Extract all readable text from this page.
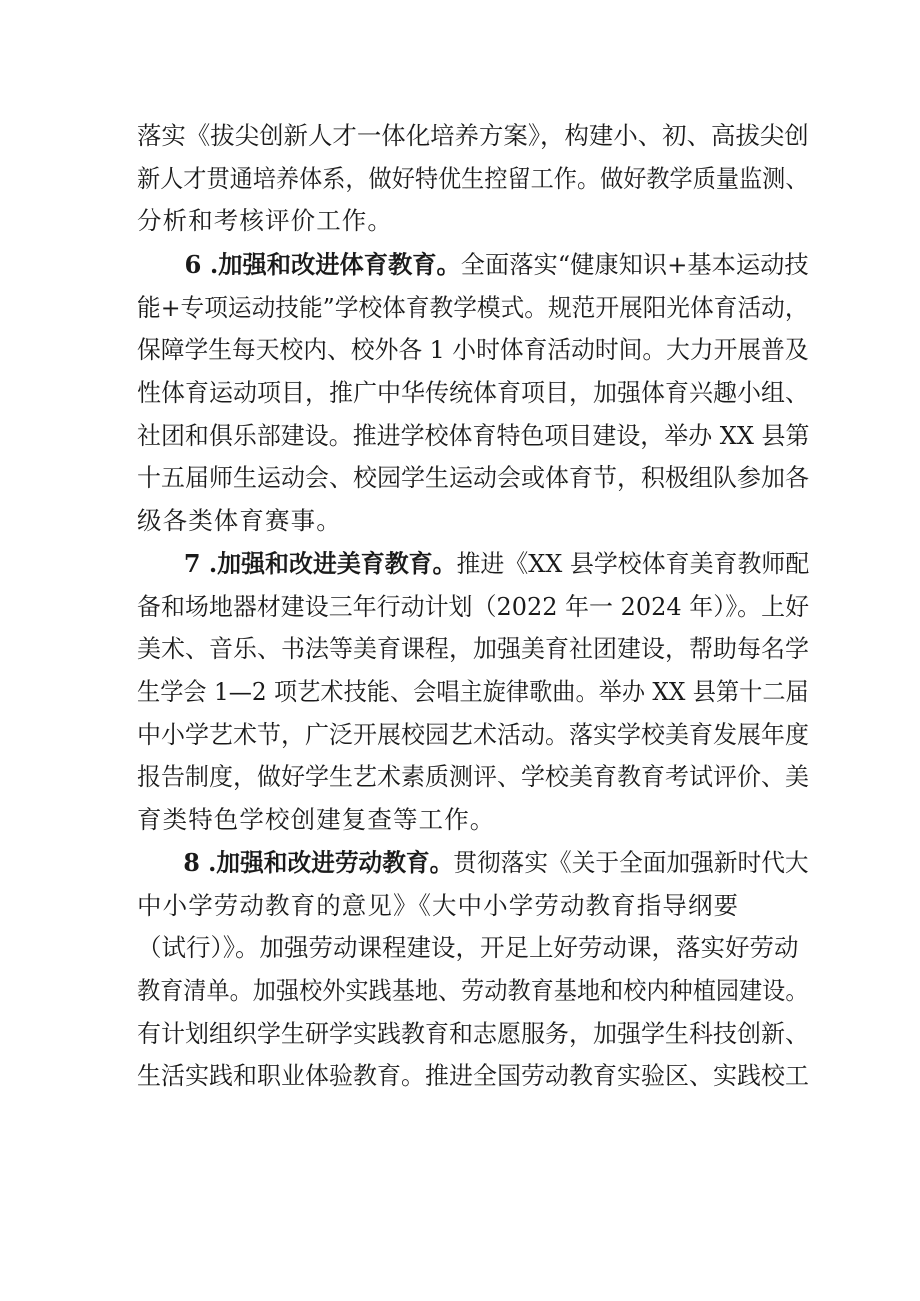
落实《拔尖创新人才一体化培养方案》，构建小、初、高拔尖创
新人才贯通培养体系，做好特优生控留工作。做好教学质量监测、
分析和考核评价工作。
6 .加强和改进体育教育。全面落实“健康知识+基本运动技
能+专项运动技能”学校体育教学模式。规范开展阳光体育活动，
保障学生每天校内、校外各 1 小时体育活动时间。大力开展普及
性体育运动项目，推广中华传统体育项目，加强体育兴趣小组、
社团和俱乐部建设。推进学校体育特色项目建设，举办 XX 县第
十五届师生运动会、校园学生运动会或体育节，积极组队参加各
级各类体育赛事。
7 .加强和改进美育教育。推进《XX 县学校体育美育教师配
备和场地器材建设三年行动计划（2022 年一 2024 年）》。上好
美术、音乐、书法等美育课程，加强美育社团建设，帮助每名学
生学会 1—2 项艺术技能、会唱主旋律歌曲。举办 XX 县第十二届
中小学艺术节，广泛开展校园艺术活动。落实学校美育发展年度
报告制度，做好学生艺术素质测评、学校美育教育考试评价、美
育类特色学校创建复查等工作。
8 .加强和改进劳动教育。贯彻落实《关于全面加强新时代大
中小学劳动教育的意见》《大中小学劳动教育指导纲要
（试行）》。加强劳动课程建设，开足上好劳动课，落实好劳动
教育清单。加强校外实践基地、劳动教育基地和校内种植园建设。
有计划组织学生研学实践教育和志愿服务，加强学生科技创新、
生活实践和职业体验教育。推进全国劳动教育实验区、实践校工
